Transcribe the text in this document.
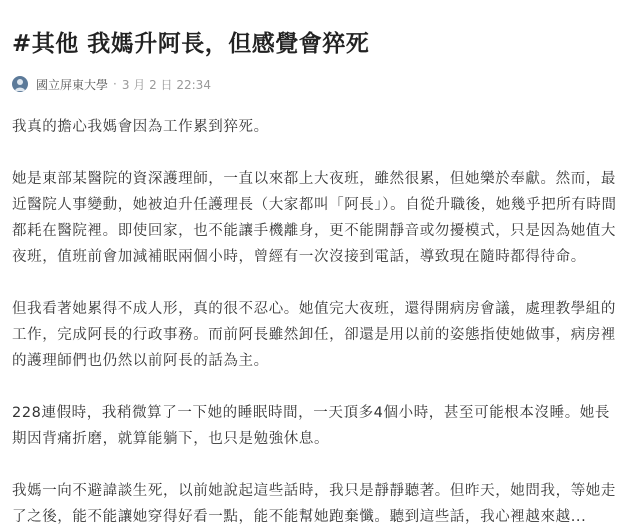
#其他 我媽升阿長，但感覺會猝死
國立屏東大學 · 3 月 2 日 22:34

我真的擔心我媽會因為工作累到猝死。

她是東部某醫院的資深護理師，一直以來都上大夜班，雖然很累，但她樂於奉獻。然而，最近醫院人事變動，她被迫升任護理長（大家都叫「阿長」）。自從升職後，她幾乎把所有時間都耗在醫院裡。即使回家，也不能讓手機離身，更不能開靜音或勿擾模式，只是因為她值大夜班，值班前會加減補眠兩個小時，曾經有一次沒接到電話，導致現在隨時都得待命。

但我看著她累得不成人形，真的很不忍心。她值完大夜班，還得開病房會議，處理教學組的工作，完成阿長的行政事務。而前阿長雖然卸任，卻還是用以前的姿態指使她做事，病房裡的護理師們也仍然以前阿長的話為主。

228連假時，我稍微算了一下她的睡眠時間，一天頂多4個小時，甚至可能根本沒睡。她長期因背痛折磨，就算能躺下，也只是勉強休息。

我媽一向不避諱談生死，以前她說起這些話時，我只是靜靜聽著。但昨天，她問我，等她走了之後，能不能讓她穿得好看一點，能不能幫她跑棄懺。聽到這些話，我心裡越來越...
